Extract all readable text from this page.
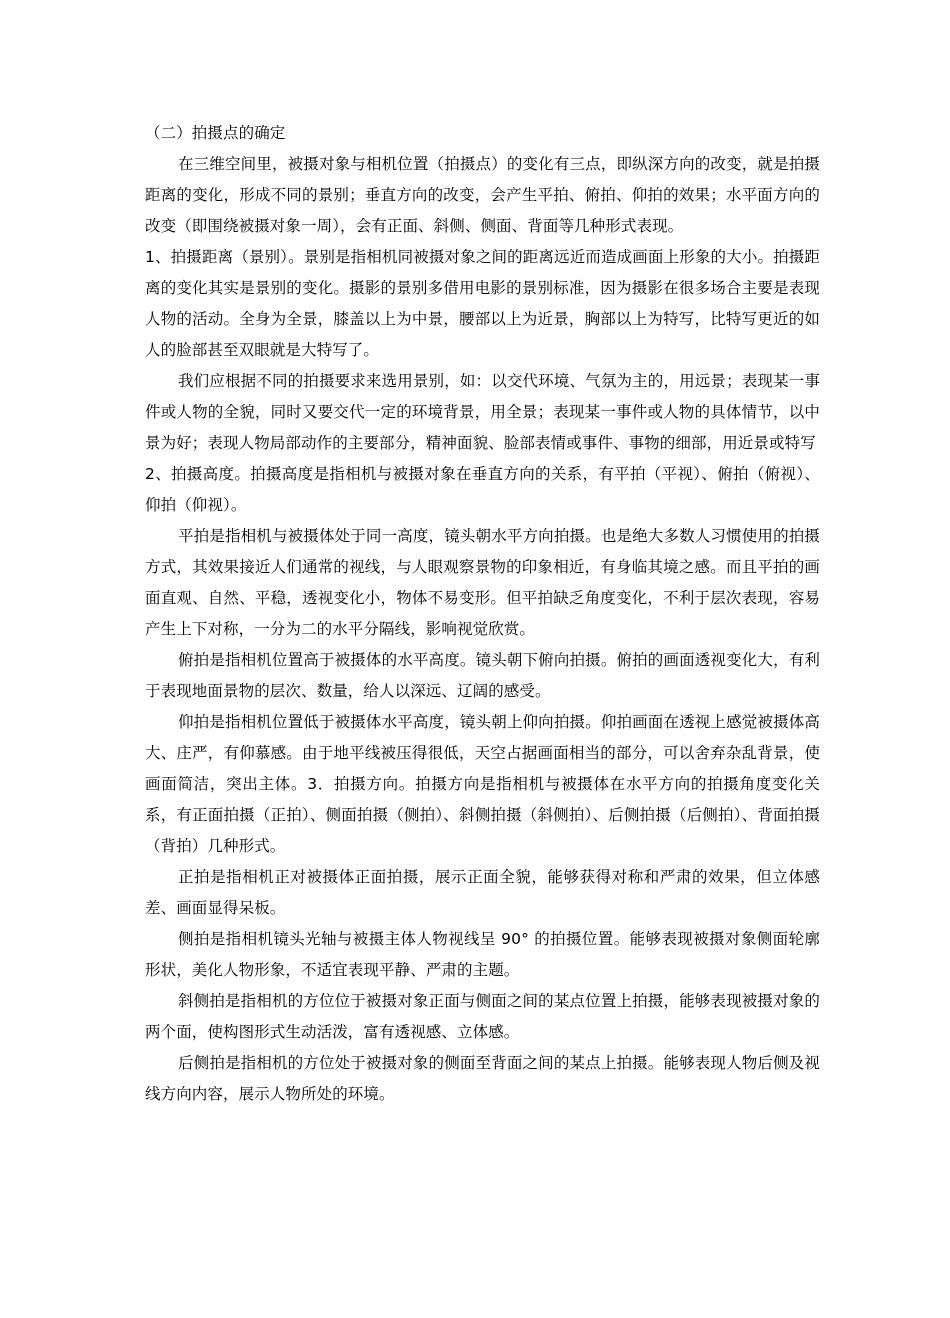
（二）拍摄点的确定

在三维空间里，被摄对象与相机位置（拍摄点）的变化有三点，即纵深方向的改变，就是拍摄距离的变化，形成不同的景别；垂直方向的改变，会产生平拍、俯拍、仰拍的效果；水平面方向的改变（即围绕被摄对象一周），会有正面、斜侧、侧面、背面等几种形式表现。

1、拍摄距离（景别）。景别是指相机同被摄对象之间的距离远近而造成画面上形象的大小。拍摄距离的变化其实是景别的变化。摄影的景别多借用电影的景别标准，因为摄影在很多场合主要是表现人物的活动。全身为全景，膝盖以上为中景，腰部以上为近景，胸部以上为特写，比特写更近的如人的脸部甚至双眼就是大特写了。

我们应根据不同的拍摄要求来选用景别，如：以交代环境、气氛为主的，用远景；表现某一事件或人物的全貌，同时又要交代一定的环境背景，用全景；表现某一事件或人物的具体情节，以中景为好；表现人物局部动作的主要部分，精神面貌、脸部表情或事件、事物的细部，用近景或特写

2、拍摄高度。拍摄高度是指相机与被摄对象在垂直方向的关系，有平拍（平视）、俯拍（俯视）、仰拍（仰视）。

平拍是指相机与被摄体处于同一高度，镜头朝水平方向拍摄。也是绝大多数人习惯使用的拍摄方式，其效果接近人们通常的视线，与人眼观察景物的印象相近，有身临其境之感。而且平拍的画面直观、自然、平稳，透视变化小，物体不易变形。但平拍缺乏角度变化，不利于层次表现，容易产生上下对称，一分为二的水平分隔线，影响视觉欣赏。

俯拍是指相机位置高于被摄体的水平高度。镜头朝下俯向拍摄。俯拍的画面透视变化大，有利于表现地面景物的层次、数量，给人以深远、辽阔的感受。

仰拍是指相机位置低于被摄体水平高度，镜头朝上仰向拍摄。仰拍画面在透视上感觉被摄体高大、庄严，有仰慕感。由于地平线被压得很低，天空占据画面相当的部分，可以舍弃杂乱背景，使画面简洁，突出主体。3．拍摄方向。拍摄方向是指相机与被摄体在水平方向的拍摄角度变化关系，有正面拍摄（正拍）、侧面拍摄（侧拍）、斜侧拍摄（斜侧拍）、后侧拍摄（后侧拍）、背面拍摄（背拍）几种形式。

正拍是指相机正对被摄体正面拍摄，展示正面全貌，能够获得对称和严肃的效果，但立体感差、画面显得呆板。

侧拍是指相机镜头光轴与被摄主体人物视线呈 90° 的拍摄位置。能够表现被摄对象侧面轮廓形状，美化人物形象，不适宜表现平静、严肃的主题。

斜侧拍是指相机的方位位于被摄对象正面与侧面之间的某点位置上拍摄，能够表现被摄对象的两个面，使构图形式生动活泼，富有透视感、立体感。

后侧拍是指相机的方位处于被摄对象的侧面至背面之间的某点上拍摄。能够表现人物后侧及视线方向内容，展示人物所处的环境。
